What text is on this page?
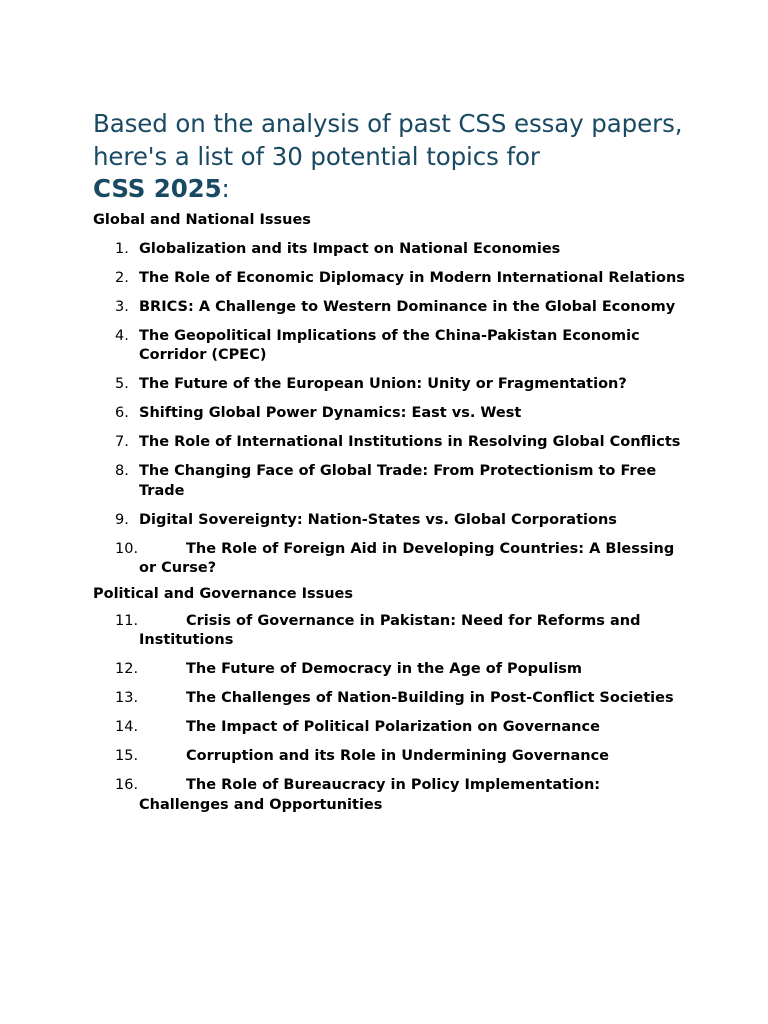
Based on the analysis of past CSS essay papers, here's a list of 30 potential topics for
CSS 2025:
Global and National Issues
1. Globalization and its Impact on National Economies
2. The Role of Economic Diplomacy in Modern International Relations
3. BRICS: A Challenge to Western Dominance in the Global Economy
4. The Geopolitical Implications of the China-Pakistan Economic Corridor (CPEC)
5. The Future of the European Union: Unity or Fragmentation?
6. Shifting Global Power Dynamics: East vs. West
7. The Role of International Institutions in Resolving Global Conflicts
8. The Changing Face of Global Trade: From Protectionism to Free Trade
9. Digital Sovereignty: Nation-States vs. Global Corporations
10.	The Role of Foreign Aid in Developing Countries: A Blessing or Curse?
Political and Governance Issues
11.	Crisis of Governance in Pakistan: Need for Reforms and Institutions
12.	The Future of Democracy in the Age of Populism
13.	The Challenges of Nation-Building in Post-Conflict Societies
14.	The Impact of Political Polarization on Governance
15.	Corruption and its Role in Undermining Governance
16.	The Role of Bureaucracy in Policy Implementation: Challenges and Opportunities
